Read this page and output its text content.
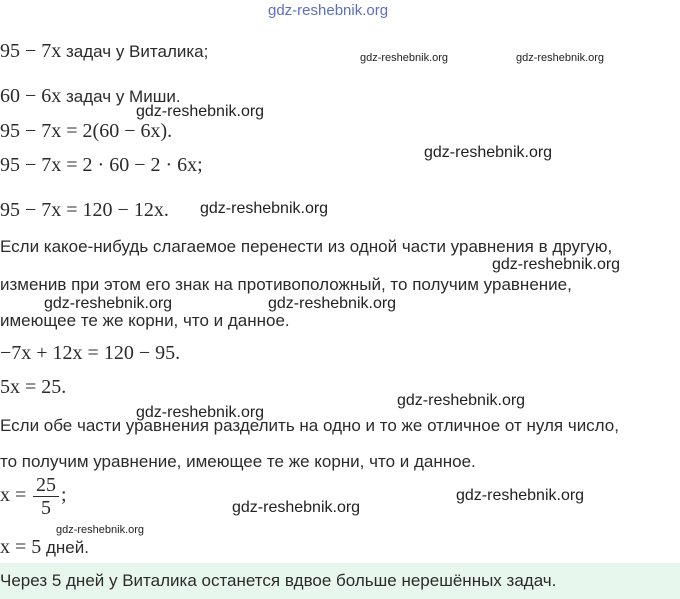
gdz-reshebnik.org
95 − 7x задач у Виталика;	gdz-reshebnik.org	gdz-reshebnik.org
60 − 6x задач у Миши.
gdz-reshebnik.org
95 − 7x = 2(60 − 6x).
gdz-reshebnik.org
95 − 7x = 2 · 60 − 2 · 6x;
95 − 7x = 120 − 12x. gdz-reshebnik.org
Если какое-нибудь слагаемое перенести из одной части уравнения в другую,
gdz-reshebnik.org
изменив при этом его знак на противоположный, то получим уравнение,
gdz-reshebnik.org	gdz-reshebnik.org
имеющее те же корни, что и данное.
−7x + 12x = 120 − 95.
5x = 25.
gdz-reshebnik.org
gdz-reshebnik.org
Если обе части уравнения разделить на одно и то же отличное от нуля число,
то получим уравнение, имеющее те же корни, что и данное.
$x = \frac{25}{5}$ ;	gdz-reshebnik.org
gdz-reshebnik.org
gdz-reshebnik.org
x = 5 дней.
Через 5 дней у Виталика останется вдвое больше нерешённых задач.
